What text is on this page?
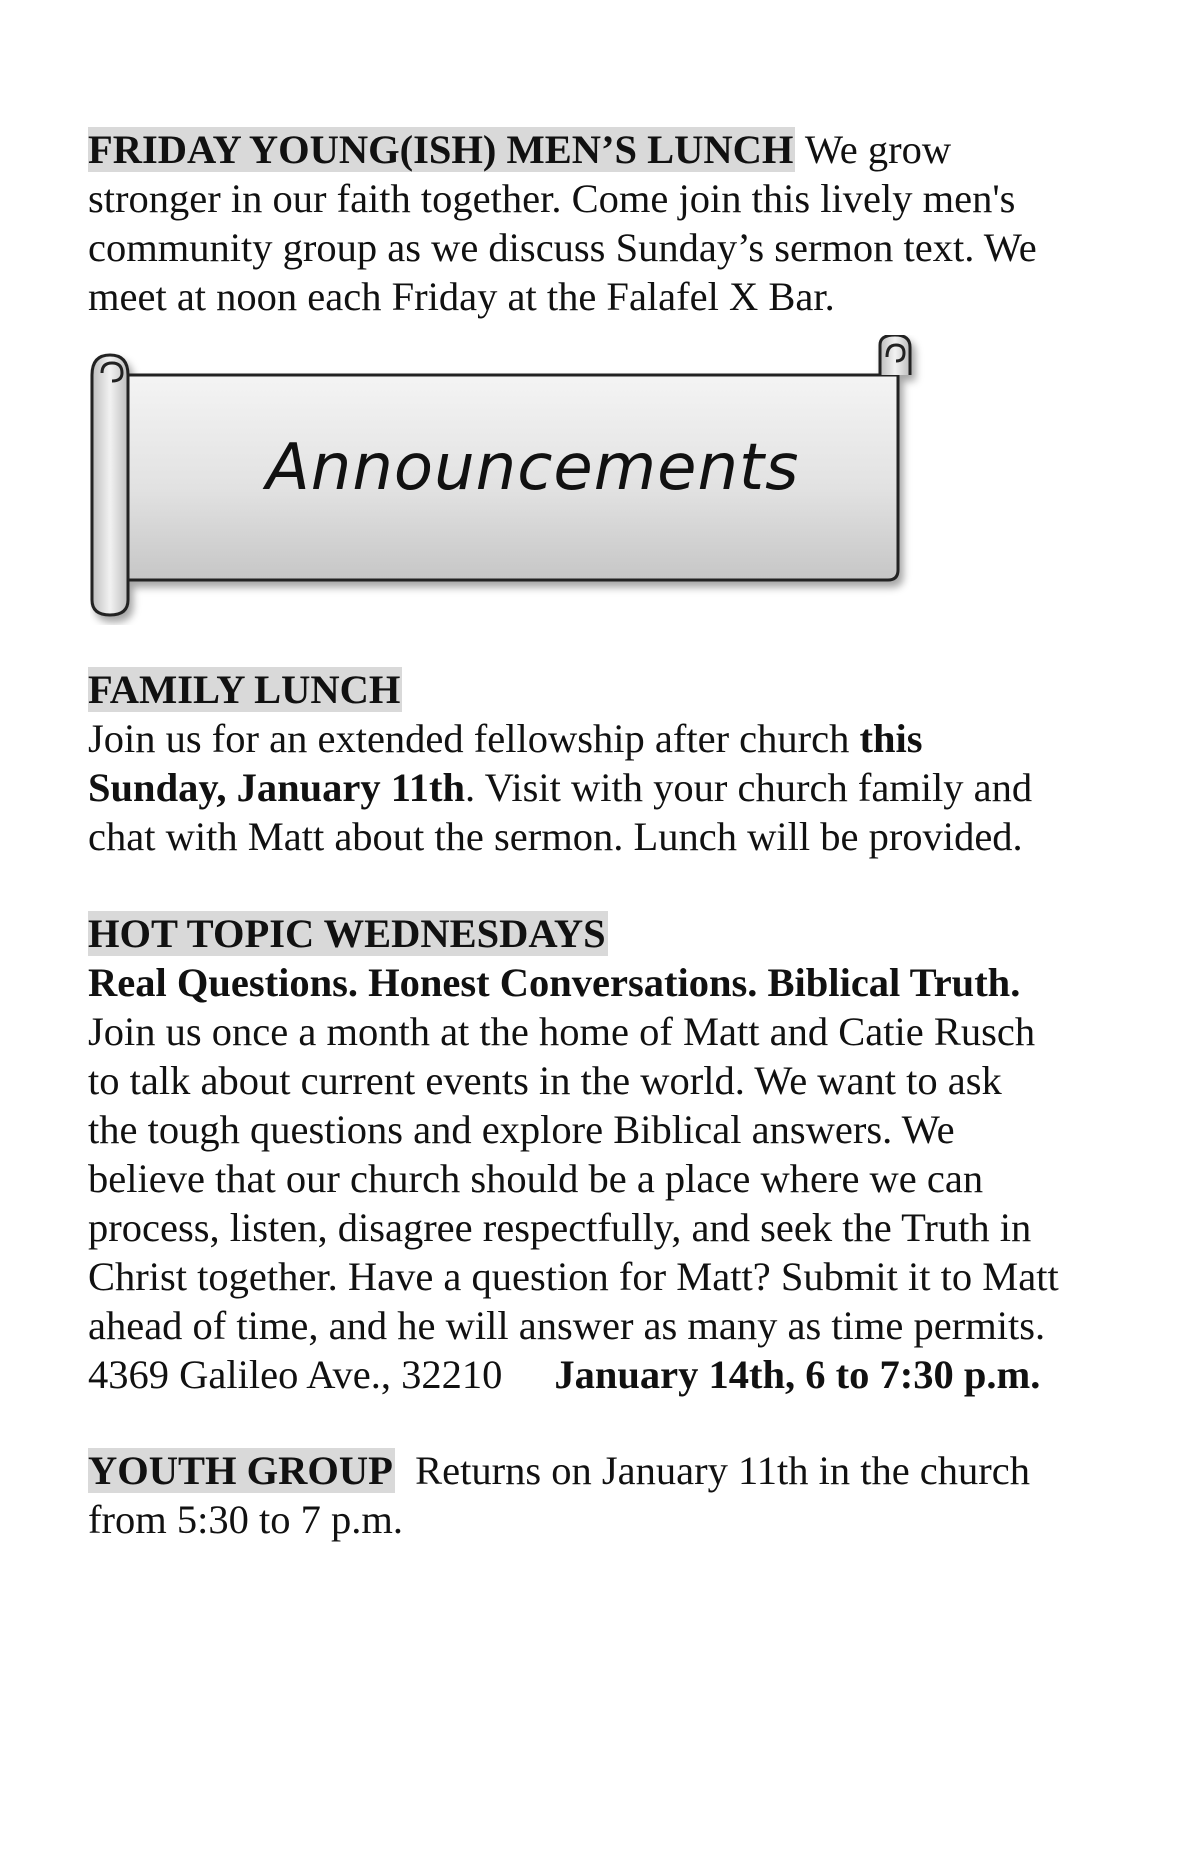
FRIDAY YOUNG(ISH) MEN’S LUNCH We grow
stronger in our faith together. Come join this lively men's
community group as we discuss Sunday’s sermon text. We
meet at noon each Friday at the Falafel X Bar.
Announcements
FAMILY LUNCH
Join us for an extended fellowship after church this
Sunday, January 11th. Visit with your church family and
chat with Matt about the sermon. Lunch will be provided.
HOT TOPIC WEDNESDAYS
Real Questions. Honest Conversations. Biblical Truth.
Join us once a month at the home of Matt and Catie Rusch
to talk about current events in the world. We want to ask
the tough questions and explore Biblical answers. We
believe that our church should be a place where we can
process, listen, disagree respectfully, and seek the Truth in
Christ together. Have a question for Matt? Submit it to Matt
ahead of time, and he will answer as many as time permits.
4369 Galileo Ave., 32210 January 14th, 6 to 7:30 p.m.
YOUTH GROUP  Returns on January 11th in the church
from 5:30 to 7 p.m.
